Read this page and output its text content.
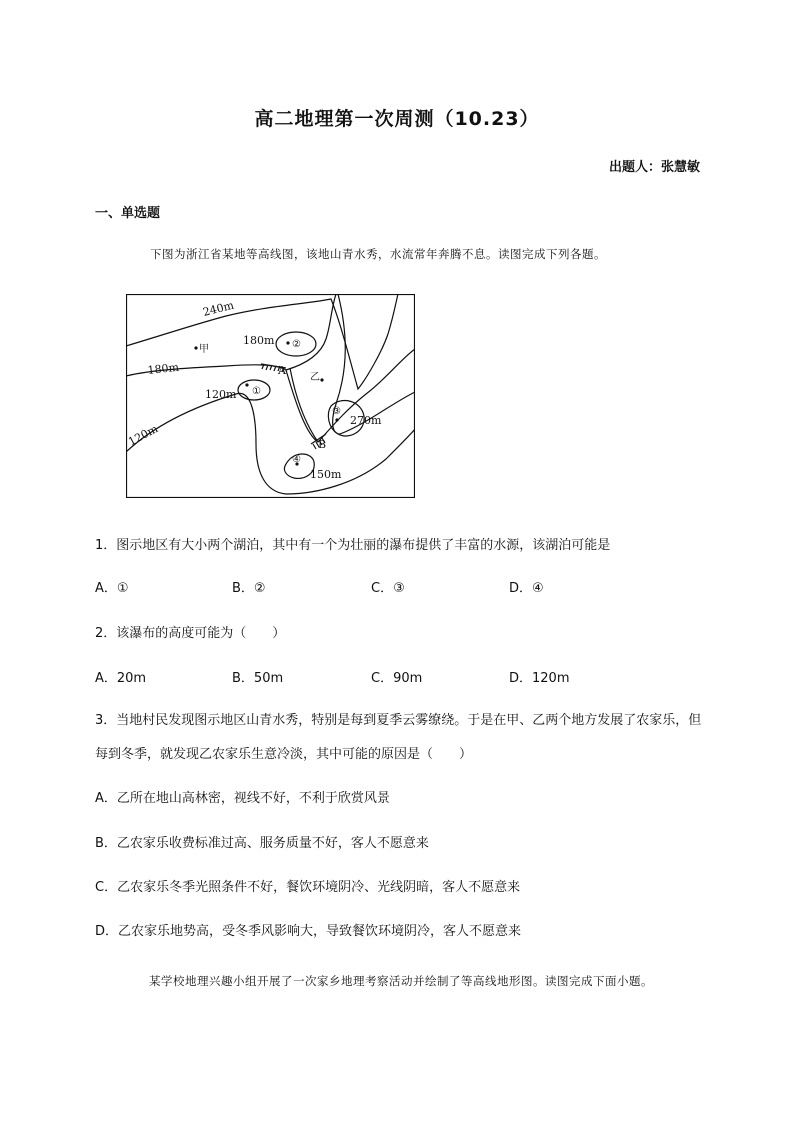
高二地理第一次周测（10.23）
出题人：张慧敏
一、单选题
下图为浙江省某地等高线图，该地山青水秀，水流常年奔腾不息。读图完成下列各题。
240m
180m
180m
120m
120m
270m
150m
甲
乙
A
B
②
①
③
④
1．图示地区有大小两个湖泊，其中有一个为壮丽的瀑布提供了丰富的水源，该湖泊可能是
A．①	B．②	C．③	D．④
2．该瀑布的高度可能为（　　）
A．20m	B．50m	C．90m	D．120m
3．当地村民发现图示地区山青水秀，特别是每到夏季云雾缭绕。于是在甲、乙两个地方发展了农家乐，但每到冬季，就发现乙农家乐生意冷淡，其中可能的原因是（　　）
A．乙所在地山高林密，视线不好，不利于欣赏风景
B．乙农家乐收费标准过高、服务质量不好，客人不愿意来
C．乙农家乐冬季光照条件不好，餐饮环境阴冷、光线阴暗，客人不愿意来
D．乙农家乐地势高，受冬季风影响大，导致餐饮环境阴冷，客人不愿意来
某学校地理兴趣小组开展了一次家乡地理考察活动并绘制了等高线地形图。读图完成下面小题。
